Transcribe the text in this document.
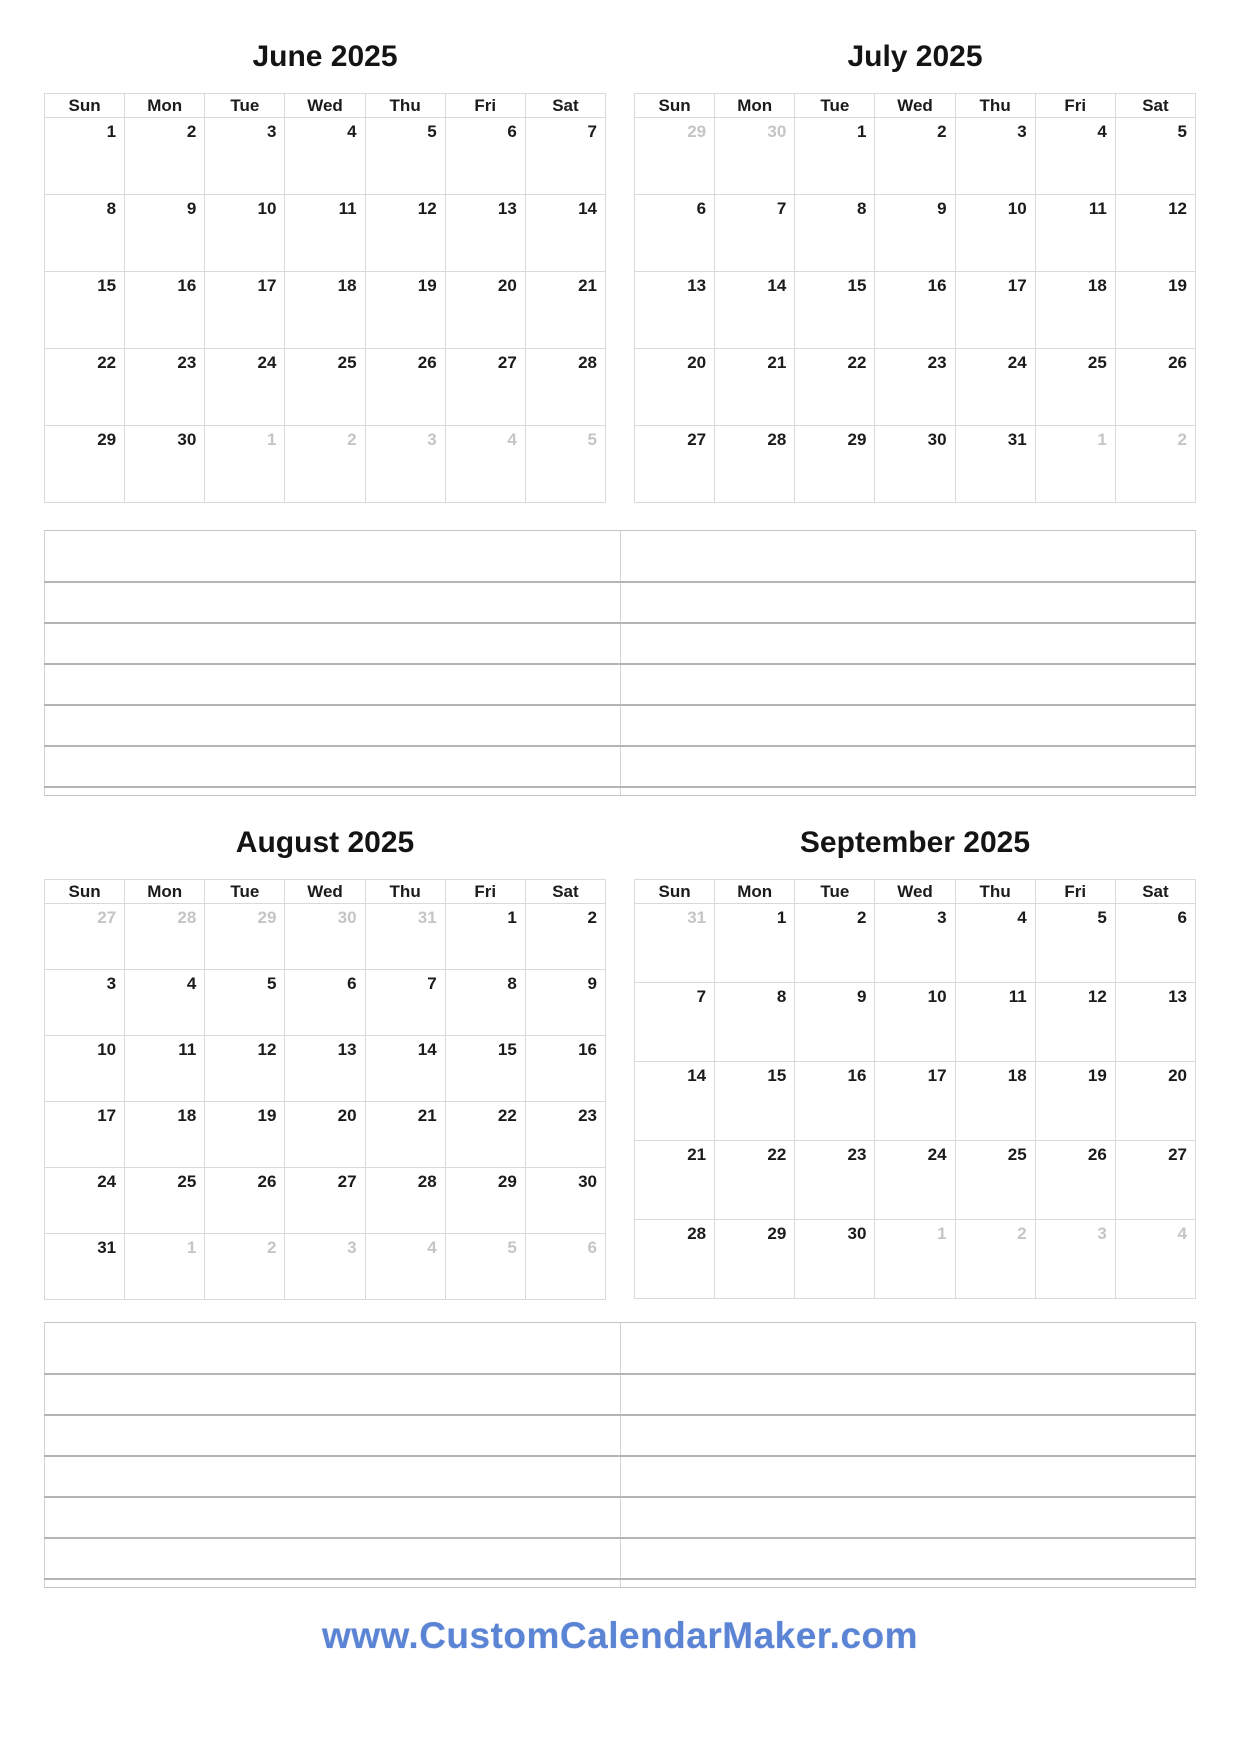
June 2025
Sun	Mon	Tue	Wed	Thu	Fri	Sat
1	2	3	4	5	6	7
8	9	10	11	12	13	14
15	16	17	18	19	20	21
22	23	24	25	26	27	28
29	30	1	2	3	4	5
July 2025
Sun	Mon	Tue	Wed	Thu	Fri	Sat
29	30	1	2	3	4	5
6	7	8	9	10	11	12
13	14	15	16	17	18	19
20	21	22	23	24	25	26
27	28	29	30	31	1	2

August 2025
Sun	Mon	Tue	Wed	Thu	Fri	Sat
27	28	29	30	31	1	2
3	4	5	6	7	8	9
10	11	12	13	14	15	16
17	18	19	20	21	22	23
24	25	26	27	28	29	30
31	1	2	3	4	5	6
September 2025
Sun	Mon	Tue	Wed	Thu	Fri	Sat
31	1	2	3	4	5	6
7	8	9	10	11	12	13
14	15	16	17	18	19	20
21	22	23	24	25	26	27
28	29	30	1	2	3	4

www.CustomCalendarMaker.com
